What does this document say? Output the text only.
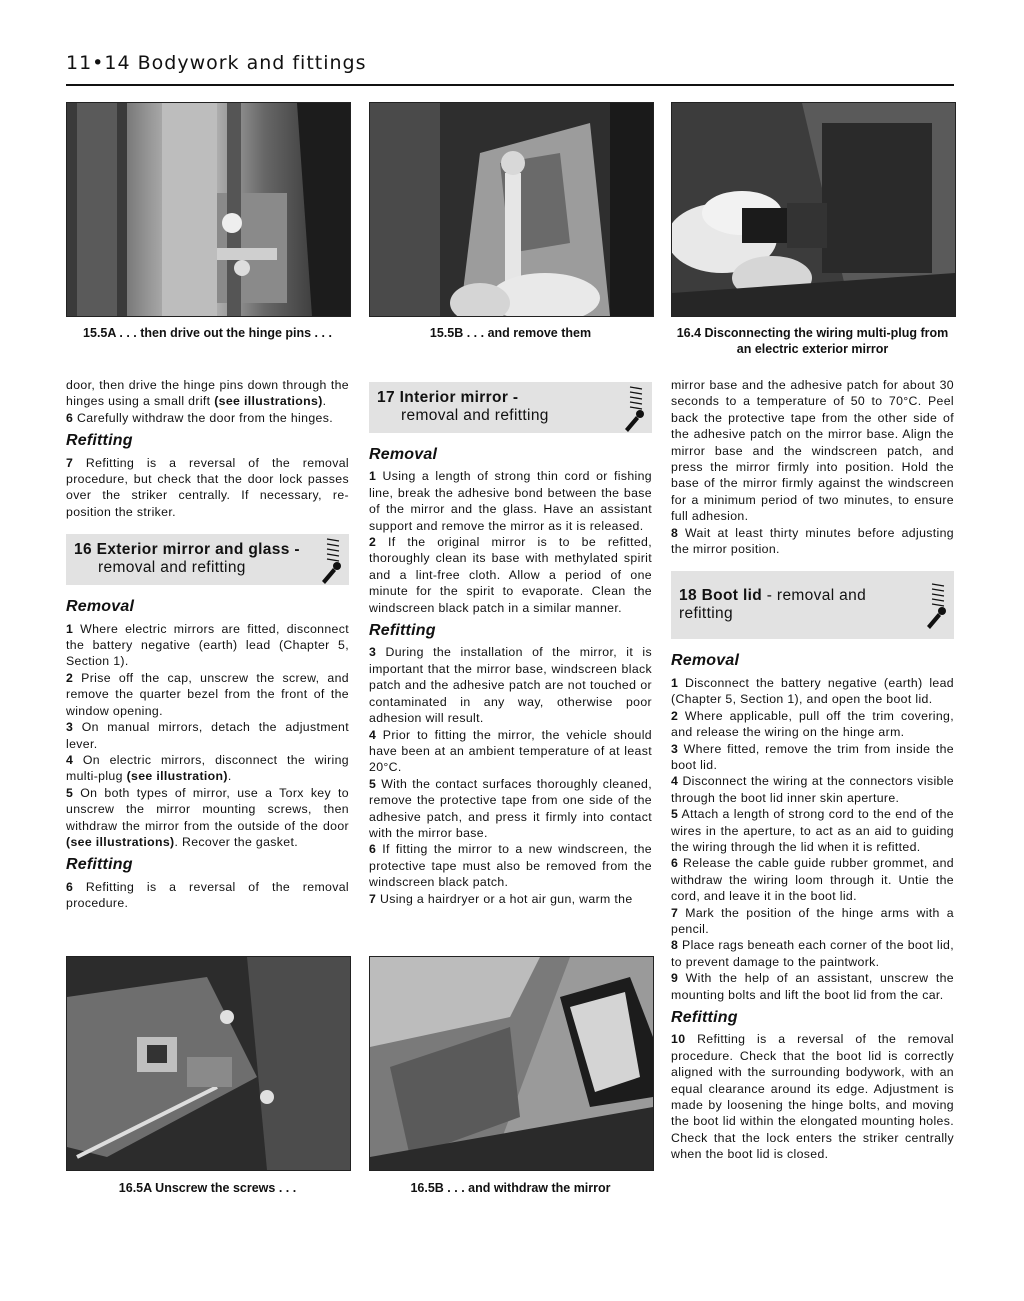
11•14 Bodywork and fittings
15.5A . . . then drive out the hinge pins . . .	15.5B . . . and remove them	16.4 Disconnecting the wiring multi-plug from an electric exterior mirror

door, then drive the hinge pins down through the hinges using a small drift (see illustrations).

6 Carefully withdraw the door from the hinges.

Refitting

7 Refitting is a reversal of the removal procedure, but check that the door lock passes over the striker centrally. If necessary, re-position the striker.

16 Exterior mirror and glass -
removal and refitting
Removal

1 Where electric mirrors are fitted, disconnect the battery negative (earth) lead (Chapter 5, Section 1).

2 Prise off the cap, unscrew the screw, and remove the quarter bezel from the front of the window opening.

3 On manual mirrors, detach the adjustment lever.

4 On electric mirrors, disconnect the wiring multi-plug (see illustration).

5 On both types of mirror, use a Torx key to unscrew the mirror mounting screws, then withdraw the mirror from the outside of the door (see illustrations). Recover the gasket.

Refitting

6 Refitting is a reversal of the removal procedure.

17 Interior mirror -
removal and refitting
Removal

1 Using a length of strong thin cord or fishing line, break the adhesive bond between the base of the mirror and the glass. Have an assistant support and remove the mirror as it is released.

2 If the original mirror is to be refitted, thoroughly clean its base with methylated spirit and a lint-free cloth. Allow a period of one minute for the spirit to evaporate. Clean the windscreen black patch in a similar manner.

Refitting

3 During the installation of the mirror, it is important that the mirror base, windscreen black patch and the adhesive patch are not touched or contaminated in any way, otherwise poor adhesion will result.

4 Prior to fitting the mirror, the vehicle should have been at an ambient temperature of at least 20°C.

5 With the contact surfaces thoroughly cleaned, remove the protective tape from one side of the adhesive patch, and press it firmly into contact with the mirror base.

6 If fitting the mirror to a new windscreen, the protective tape must also be removed from the windscreen black patch.

7 Using a hairdryer or a hot air gun, warm the

16.5A Unscrew the screws . . .	16.5B . . . and withdraw the mirror

mirror base and the adhesive patch for about 30 seconds to a temperature of 50 to 70°C. Peel back the protective tape from the other side of the adhesive patch on the mirror base. Align the mirror base and the windscreen patch, and press the mirror firmly into position. Hold the base of the mirror firmly against the windscreen for a minimum period of two minutes, to ensure full adhesion.

8 Wait at least thirty minutes before adjusting the mirror position.

18 Boot lid - removal and refitting
Removal

1 Disconnect the battery negative (earth) lead (Chapter 5, Section 1), and open the boot lid.

2 Where applicable, pull off the trim covering, and release the wiring on the hinge arm.

3 Where fitted, remove the trim from inside the boot lid.

4 Disconnect the wiring at the connectors visible through the boot lid inner skin aperture.

5 Attach a length of strong cord to the end of the wires in the aperture, to act as an aid to guiding the wiring through the lid when it is refitted.

6 Release the cable guide rubber grommet, and withdraw the wiring loom through it. Untie the cord, and leave it in the boot lid.

7 Mark the position of the hinge arms with a pencil.

8 Place rags beneath each corner of the boot lid, to prevent damage to the paintwork.

9 With the help of an assistant, unscrew the mounting bolts and lift the boot lid from the car.

Refitting

10 Refitting is a reversal of the removal procedure. Check that the boot lid is correctly aligned with the surrounding bodywork, with an equal clearance around its edge. Adjustment is made by loosening the hinge bolts, and moving the boot lid within the elongated mounting holes. Check that the lock enters the striker centrally when the boot lid is closed.
